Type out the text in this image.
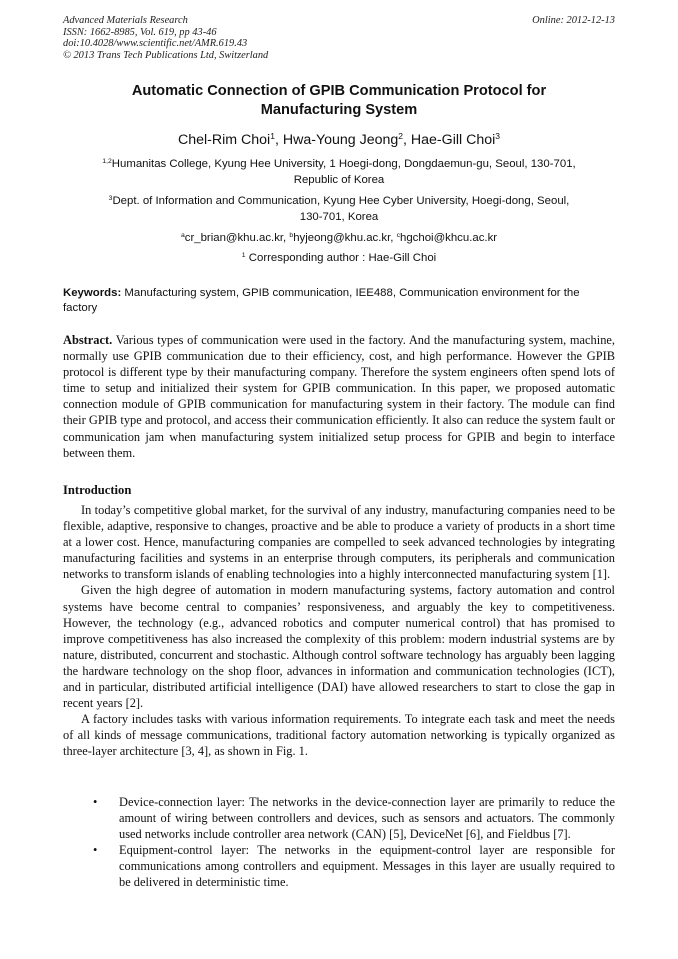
Advanced Materials Research
ISSN: 1662-8985, Vol. 619, pp 43-46
doi:10.4028/www.scientific.net/AMR.619.43
© 2013 Trans Tech Publications Ltd, Switzerland
Online: 2012-12-13
Automatic Connection of GPIB Communication Protocol for
Manufacturing System
Chel-Rim Choi$^1$, Hwa-Young Jeong$^2$, Hae-Gill Choi$^3$
$^{1,2}$Humanitas College, Kyung Hee University, 1 Hoegi-dong, Dongdaemun-gu, Seoul, 130-701,
Republic of Korea
$^3$Dept. of Information and Communication, Kyung Hee Cyber University, Hoegi-dong, Seoul,
130-701, Korea
$^a$cr_brian@khu.ac.kr, $^b$hyjeong@khu.ac.kr, $^c$hgchoi@khcu.ac.kr
$^1$ Corresponding author : Hae-Gill Choi
Keywords: Manufacturing system, GPIB communication, IEE488, Communication environment for the factory
Abstract. Various types of communication were used in the factory. And the manufacturing system, machine, normally use GPIB communication due to their efficiency, cost, and high performance. However the GPIB protocol is different type by their manufacturing company. Therefore the system engineers often spend lots of time to setup and initialized their system for GPIB communication. In this paper, we proposed automatic connection module of GPIB communication for manufacturing system in their factory. The module can find their GPIB type and protocol, and access their communication efficiently. It also can reduce the system fault or communication jam when manufacturing system initialized setup process for GPIB and begin to interface between them.
Introduction

In today’s competitive global market, for the survival of any industry, manufacturing companies need to be flexible, adaptive, responsive to changes, proactive and be able to produce a variety of products in a short time at a lower cost. Hence, manufacturing companies are compelled to seek advanced technologies by integrating manufacturing facilities and systems in an enterprise through computers, its peripherals and communication networks to transform islands of enabling technologies into a highly interconnected manufacturing system [1].

Given the high degree of automation in modern manufacturing systems, factory automation and control systems have become central to companies’ responsiveness, and arguably the key to competitiveness. However, the technology (e.g., advanced robotics and computer numerical control) that has promised to improve competitiveness has also increased the complexity of this problem: modern industrial systems are by nature, distributed, concurrent and stochastic. Although control software technology has arguably been lagging the hardware technology on the shop floor, advances in information and communication technologies (ICT), and in particular, distributed artificial intelligence (DAI) have allowed researchers to start to close the gap in recent years [2].

A factory includes tasks with various information requirements. To integrate each task and meet the needs of all kinds of message communications, traditional factory automation networking is typically organized as three-layer architecture [3, 4], as shown in Fig. 1.

• Device-connection layer: The networks in the device-connection layer are primarily to reduce the amount of wiring between controllers and devices, such as sensors and actuators. The commonly used networks include controller area network (CAN) [5], DeviceNet [6], and Fieldbus [7].
• Equipment-control layer: The networks in the equipment-control layer are responsible for communications among controllers and equipment. Messages in this layer are usually required to be delivered in deterministic time.
